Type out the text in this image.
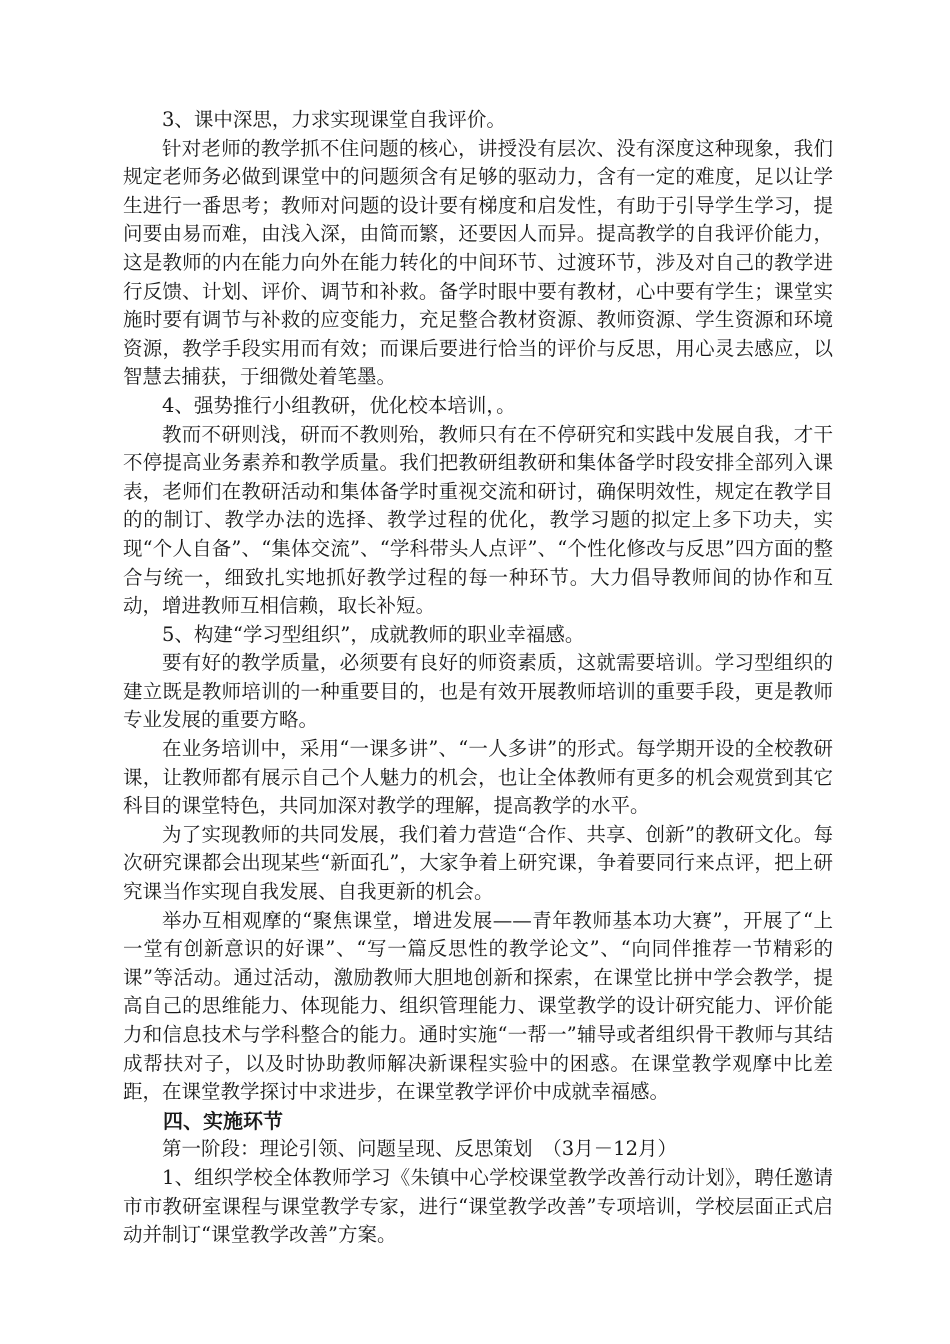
3、课中深思，力求实现课堂自我评价。

针对老师的教学抓不住问题的核心，讲授没有层次、没有深度这种现象，我们规定老师务必做到课堂中的问题须含有足够的驱动力，含有一定的难度，足以让学生进行一番思考；教师对问题的设计要有梯度和启发性，有助于引导学生学习，提问要由易而难，由浅入深，由简而繁，还要因人而异。提高教学的自我评价能力，这是教师的内在能力向外在能力转化的中间环节、过渡环节，涉及对自己的教学进行反馈、计划、评价、调节和补救。备学时眼中要有教材，心中要有学生；课堂实施时要有调节与补救的应变能力，充足整合教材资源、教师资源、学生资源和环境资源，教学手段实用而有效；而课后要进行恰当的评价与反思，用心灵去感应，以智慧去捕获，于细微处着笔墨。

4、强势推行小组教研，优化校本培训，。

教而不研则浅，研而不教则殆，教师只有在不停研究和实践中发展自我，才干不停提高业务素养和教学质量。我们把教研组教研和集体备学时段安排全部列入课表，老师们在教研活动和集体备学时重视交流和研讨，确保明效性，规定在教学目的的制订、教学办法的选择、教学过程的优化，教学习题的拟定上多下功夫，实现“个人自备”、“集体交流”、“学科带头人点评”、“个性化修改与反思”四方面的整合与统一，细致扎实地抓好教学过程的每一种环节。大力倡导教师间的协作和互动，增进教师互相信赖，取长补短。

5、构建“学习型组织”，成就教师的职业幸福感。

要有好的教学质量，必须要有良好的师资素质，这就需要培训。学习型组织的建立既是教师培训的一种重要目的，也是有效开展教师培训的重要手段，更是教师专业发展的重要方略。

在业务培训中，采用“一课多讲”、“一人多讲”的形式。每学期开设的全校教研课，让教师都有展示自己个人魅力的机会，也让全体教师有更多的机会观赏到其它科目的课堂特色，共同加深对教学的理解，提高教学的水平。

为了实现教师的共同发展，我们着力营造“合作、共享、创新”的教研文化。每次研究课都会出现某些“新面孔”，大家争着上研究课，争着要同行来点评，把上研究课当作实现自我发展、自我更新的机会。

举办互相观摩的“聚焦课堂，增进发展——青年教师基本功大赛”，开展了“上一堂有创新意识的好课”、“写一篇反思性的教学论文”、“向同伴推荐一节精彩的课”等活动。通过活动，激励教师大胆地创新和探索，在课堂比拼中学会教学，提高自己的思维能力、体现能力、组织管理能力、课堂教学的设计研究能力、评价能力和信息技术与学科整合的能力。通时实施“一帮一”辅导或者组织骨干教师与其结成帮扶对子，以及时协助教师解决新课程实验中的困惑。在课堂教学观摩中比差距，在课堂教学探讨中求进步，在课堂教学评价中成就幸福感。

四、实施环节

第一阶段：理论引领、问题呈现、反思策划　（3月－12月）

1、组织学校全体教师学习《朱镇中心学校课堂教学改善行动计划》，聘任邀请市市教研室课程与课堂教学专家，进行“课堂教学改善”专项培训，学校层面正式启动并制订“课堂教学改善”方案。
